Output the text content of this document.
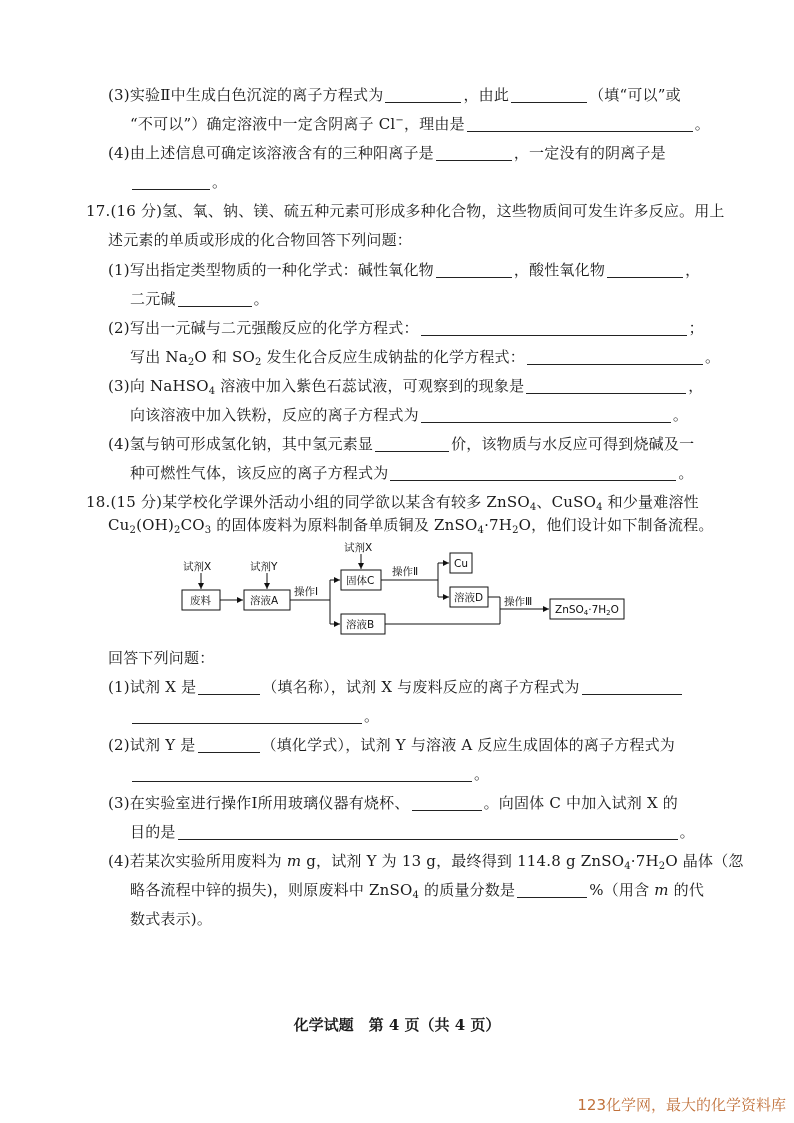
(3)实验Ⅱ中生成白色沉淀的离子方程式为	，由此	（填“可以”或
“不可以”）确定溶液中一定含阴离子 Cl−，理由是	。
(4)由上述信息可确定该溶液含有的三种阳离子是	，一定没有的阴离子是
。
17.(16 分)氢、氧、钠、镁、硫五种元素可形成多种化合物，这些物质间可发生许多反应。用上
述元素的单质或形成的化合物回答下列问题：
(1)写出指定类型物质的一种化学式：碱性氧化物	，酸性氧化物	，
二元碱	。
(2)写出一元碱与二元强酸反应的化学方程式：	；
写出 $Na_2O$ 和 $SO_2$ 发生化合反应生成钠盐的化学方程式：	。
(3)向 NaHSO$_4$ 溶液中加入紫色石蕊试液，可观察到的现象是	，
向该溶液中加入铁粉，反应的离子方程式为	。
(4)氢与钠可形成氢化钠，其中氢元素显	价，该物质与水反应可得到烧碱及一
种可燃性气体，该反应的离子方程式为	。
18.(15 分)某学校化学课外活动小组的同学欲以某含有较多 ZnSO$_4$、CuSO$_4$ 和少量难溶性
$Cu_2(OH)_2CO_3$ 的固体废料为原料制备单质铜及 $ZnSO_4\cdot 7H_2O$，他们设计如下制备流程。
试剂X	试剂Y
试剂X
废料	溶液A
操作Ⅰ
固体C
溶液B
操作Ⅱ
Cu
溶液D 操作Ⅲ
ZnSO4·7H2O
回答下列问题：
(1)试剂 X 是	（填名称），试剂 X 与废料反应的离子方程式为
。
(2)试剂 Y 是	（填化学式），试剂 Y 与溶液 A 反应生成固体的离子方程式为
。
(3)在实验室进行操作Ⅰ所用玻璃仪器有烧杯、	。向固体 C 中加入试剂 X 的
目的是	。
(4)若某次实验所用废料为 m g，试剂 Y 为 13 g，最终得到 114.8 g $ZnSO_4\cdot 7H_2O$ 晶体（忽
略各流程中锌的损失)，则原废料中 ZnSO$_4$ 的质量分数是	%（用含 m 的代
数式表示)。
化学试题　第 4 页（共 4 页）
123化学网，最大的化学资料库
